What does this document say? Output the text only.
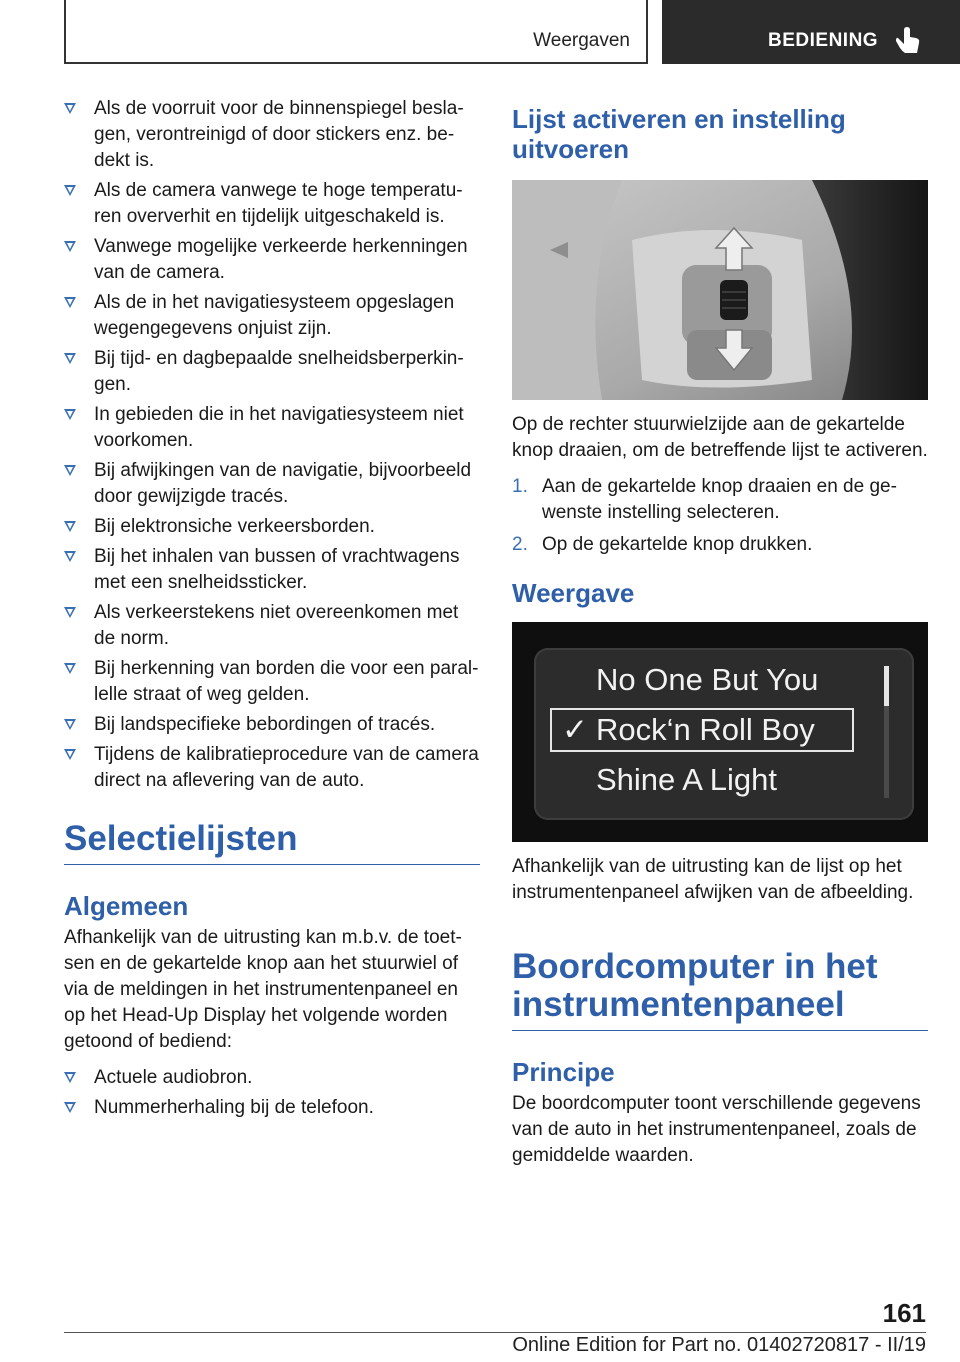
Weergaven	BEDIENING
Als de voorruit voor de binnenspiegel beslagen, verontreinigd of door stickers enz. bedekt is.
Als de camera vanwege te hoge temperaturen oververhit en tijdelijk uitgeschakeld is.
Vanwege mogelijke verkeerde herkenningen van de camera.
Als de in het navigatiesysteem opgeslagen wegengegevens onjuist zijn.
Bij tijd- en dagbepaalde snelheidsberperkingen.
In gebieden die in het navigatiesysteem niet voorkomen.
Bij afwijkingen van de navigatie, bijvoorbeeld door gewijzigde tracés.
Bij elektronsiche verkeersborden.
Bij het inhalen van bussen of vrachtwagens met een snelheidssticker.
Als verkeerstekens niet overeenkomen met de norm.
Bij herkenning van borden die voor een parallelle straat of weg gelden.
Bij landspecifieke bebordingen of tracés.
Tijdens de kalibratieprocedure van de camera direct na aflevering van de auto.
Selectielijsten
Algemeen

Afhankelijk van de uitrusting kan m.b.v. de toetsen en de gekartelde knop aan het stuurwiel of via de meldingen in het instrumentenpaneel en op het Head-Up Display het volgende worden getoond of bediend:

Actuele audiobron.
Nummerherhaling bij de telefoon.
Lijst activeren en instelling uitvoeren

Op de rechter stuurwielzijde aan de gekartelde knop draaien, om de betreffende lijst te activeren.

1. Aan de gekartelde knop draaien en de gewenste instelling selecteren.
2. Op de gekartelde knop drukken.
Weergave
No One But You
✓ Rock‘n Roll Boy
Shine A Light

Afhankelijk van de uitrusting kan de lijst op het instrumentenpaneel afwijken van de afbeelding.

Boordcomputer in het instrumentenpaneel
Principe

De boordcomputer toont verschillende gegevens van de auto in het instrumentenpaneel, zoals de gemiddelde waarden.

161
Online Edition for Part no. 01402720817 - II/19
